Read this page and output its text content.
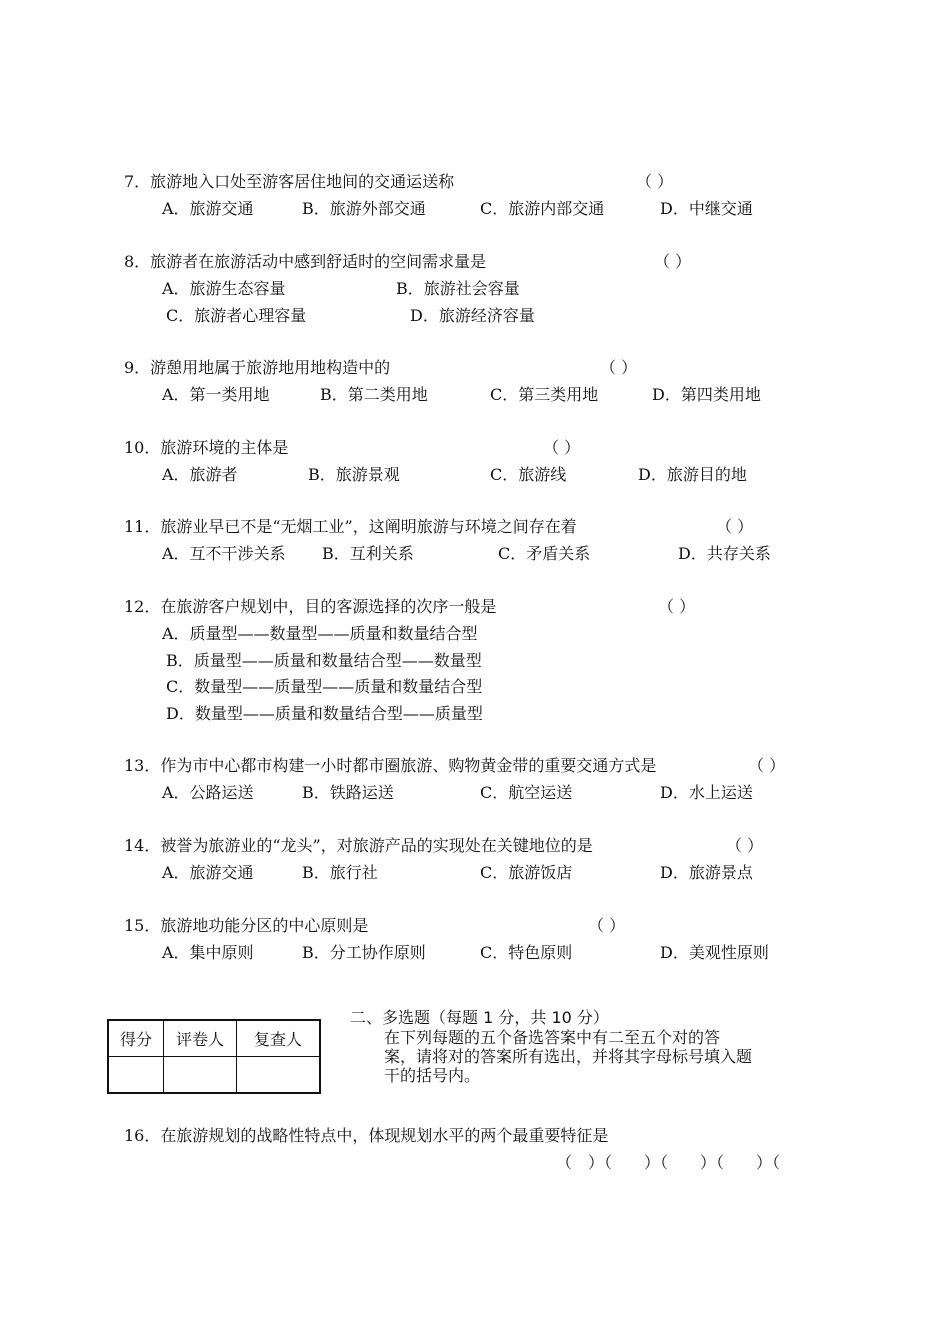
7．旅游地入口处至游客居住地间的交通运送称	（ ）
A．旅游交通	B．旅游外部交通	C．旅游内部交通	D．中继交通
8．旅游者在旅游活动中感到舒适时的空间需求量是	（ ）
A．旅游生态容量	B．旅游社会容量
C．旅游者心理容量	D．旅游经济容量
9．游憩用地属于旅游地用地构造中的	（ ）
A．第一类用地	B．第二类用地	C．第三类用地	D．第四类用地
10．旅游环境的主体是	（ ）
A．旅游者	B．旅游景观	C．旅游线	D．旅游目的地
11．旅游业早已不是“无烟工业”，这阐明旅游与环境之间存在着	（ ）
A．互不干涉关系 B．互利关系	C．矛盾关系	D．共存关系
12．在旅游客户规划中，目的客源选择的次序一般是	（ ）
A．质量型——数量型——质量和数量结合型
B．质量型——质量和数量结合型——数量型
C．数量型——质量型——质量和数量结合型
D．数量型——质量和数量结合型——质量型
13．作为市中心都市构建一小时都市圈旅游、购物黄金带的重要交通方式是	（ ）
A．公路运送	B．铁路运送	C．航空运送	D．水上运送
14．被誉为旅游业的“龙头”，对旅游产品的实现处在关键地位的是	（ ）
A．旅游交通	B．旅行社	C．旅游饭店	D．旅游景点
15．旅游地功能分区的中心原则是	（ ）
A．集中原则	B．分工协作原则	C．特色原则	D．美观性原则
得分	评卷人	复查人

二、多选题（每题 1 分，共 10 分）
在下列每题的五个备选答案中有二至五个对的答
案，请将对的答案所有选出，并将其字母标号填入题
干的括号内。
16．在旅游规划的战略性特点中，体现规划水平的两个最重要特征是
（　）（　　）（　　）（　　）（
